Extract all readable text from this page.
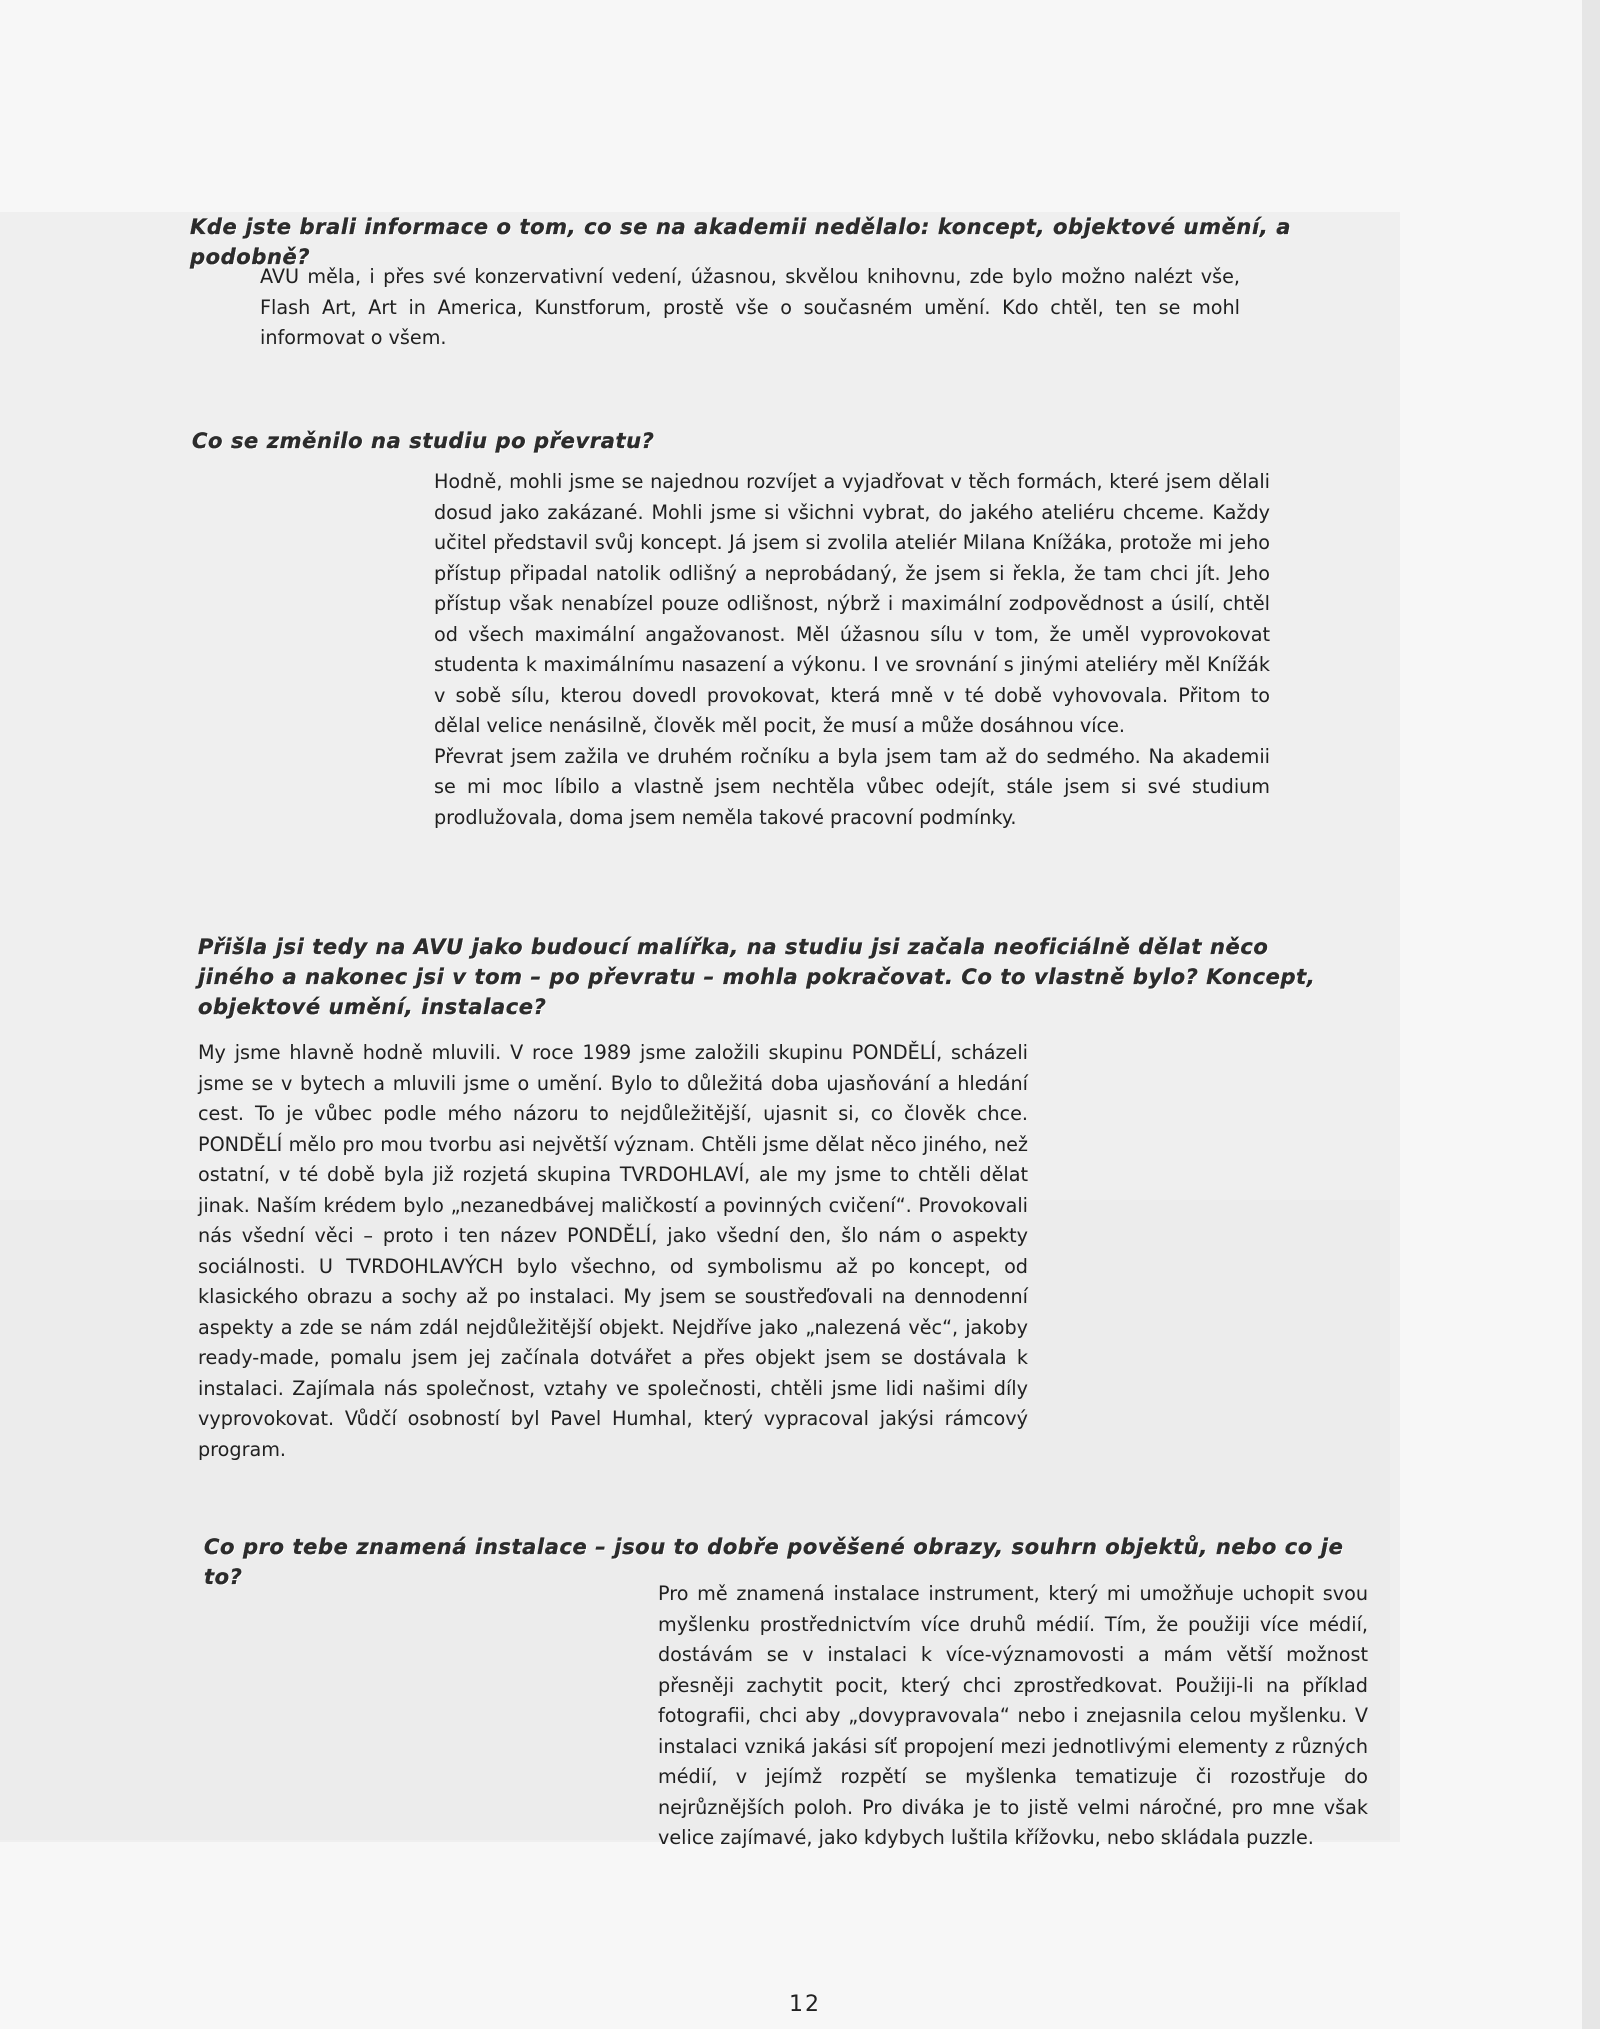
Kde jste brali informace o tom, co se na akademii nedělalo: koncept, objektové umění, a podobně?
AVU měla, i přes své konzervativní vedení, úžasnou, skvělou knihovnu, zde bylo možno nalézt vše, Flash Art, Art in America, Kunstforum, prostě vše o současném umění. Kdo chtěl, ten se mohl informovat o všem.
Co se změnilo na studiu po převratu?

Hodně, mohli jsme se najednou rozvíjet a vyjadřovat v těch formách, které jsem dělali dosud jako zakázané. Mohli jsme si všichni vybrat, do jakého ateliéru chceme. Každy učitel představil svůj koncept. Já jsem si zvolila ateliér Milana Knížáka, protože mi jeho přístup připadal natolik odlišný a neprobádaný, že jsem si řekla, že tam chci jít. Jeho přístup však nenabízel pouze odlišnost, nýbrž i maximální zodpovědnost a úsilí, chtěl od všech maximální angažovanost. Měl úžasnou sílu v tom, že uměl vyprovokovat studenta k maximálnímu nasazení a výkonu. I ve srovnání s jinými ateliéry měl Knížák v sobě sílu, kterou dovedl provokovat, která mně v té době vyhovovala. Přitom to dělal velice nenásilně, člověk měl pocit, že musí a může dosáhnou více.

Převrat jsem zažila ve druhém ročníku a byla jsem tam až do sedmého. Na akademii se mi moc líbilo a vlastně jsem nechtěla vůbec odejít, stále jsem si své studium prodlužovala, doma jsem neměla takové pracovní podmínky.

Přišla jsi tedy na AVU jako budoucí malířka, na studiu jsi začala neoficiálně dělat něco jiného a nakonec jsi v tom – po převratu – mohla pokračovat. Co to vlastně bylo? Koncept, objektové umění, instalace?
My jsme hlavně hodně mluvili. V roce 1989 jsme založili skupinu PONDĚLÍ, scházeli jsme se v bytech a mluvili jsme o umění. Bylo to důležitá doba ujasňování a hledání cest. To je vůbec podle mého názoru to nejdůležitější, ujasnit si, co člověk chce. PONDĚLÍ mělo pro mou tvorbu asi největší význam. Chtěli jsme dělat něco jiného, než ostatní, v té době byla již rozjetá skupina TVRDOHLAVÍ, ale my jsme to chtěli dělat jinak. Naším krédem bylo „nezanedbávej maličkostí a povinných cvičení“. Provokovali nás všední věci – proto i ten název PONDĚLÍ, jako všední den, šlo nám o aspekty sociálnosti. U TVRDOHLAVÝCH bylo všechno, od symbolismu až po koncept, od klasického obrazu a sochy až po instalaci. My jsem se soustřeďovali na dennodenní aspekty a zde se nám zdál nejdůležitější objekt. Nejdříve jako „nalezená věc“, jakoby ready-made, pomalu jsem jej začínala dotvářet a přes objekt jsem se dostávala k instalaci. Zajímala nás společnost, vztahy ve společnosti, chtěli jsme lidi našimi díly vyprovokovat. Vůdčí osobností byl Pavel Humhal, který vypracoval jakýsi rámcový program.
Co pro tebe znamená instalace – jsou to dobře pověšené obrazy, souhrn objektů, nebo co je to?
Pro mě znamená instalace instrument, který mi umožňuje uchopit svou myšlenku prostřednictvím více druhů médií. Tím, že použiji více médií, dostávám se v instalaci k více-významovosti a mám větší možnost přesněji zachytit pocit, který chci zprostředkovat. Použiji-li na příklad fotografii, chci aby „dovypravovala“ nebo i znejasnila celou myšlenku. V instalaci vzniká jakási síť propojení mezi jednotlivými elementy z různých médií, v jejímž rozpětí se myšlenka tematizuje či rozostřuje do nejrůznějších poloh. Pro diváka je to jistě velmi náročné, pro mne však velice zajímavé, jako kdybych luštila křížovku, nebo skládala puzzle.
12
